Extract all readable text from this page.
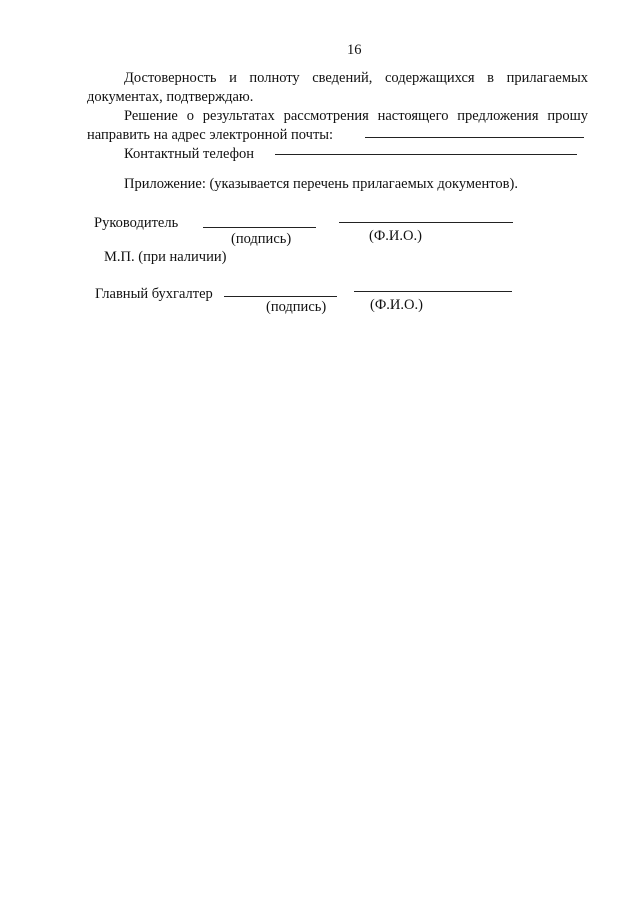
16
Достоверность и полноту сведений, содержащихся в прилагаемых
документах, подтверждаю.
Решение о результатах рассмотрения настоящего предложения прошу
направить на адрес электронной почты:
Контактный телефон
Приложение: (указывается перечень прилагаемых документов).
Руководитель
(подпись)	(Ф.И.О.)
М.П. (при наличии)
Главный бухгалтер
(подпись)	(Ф.И.О.)
